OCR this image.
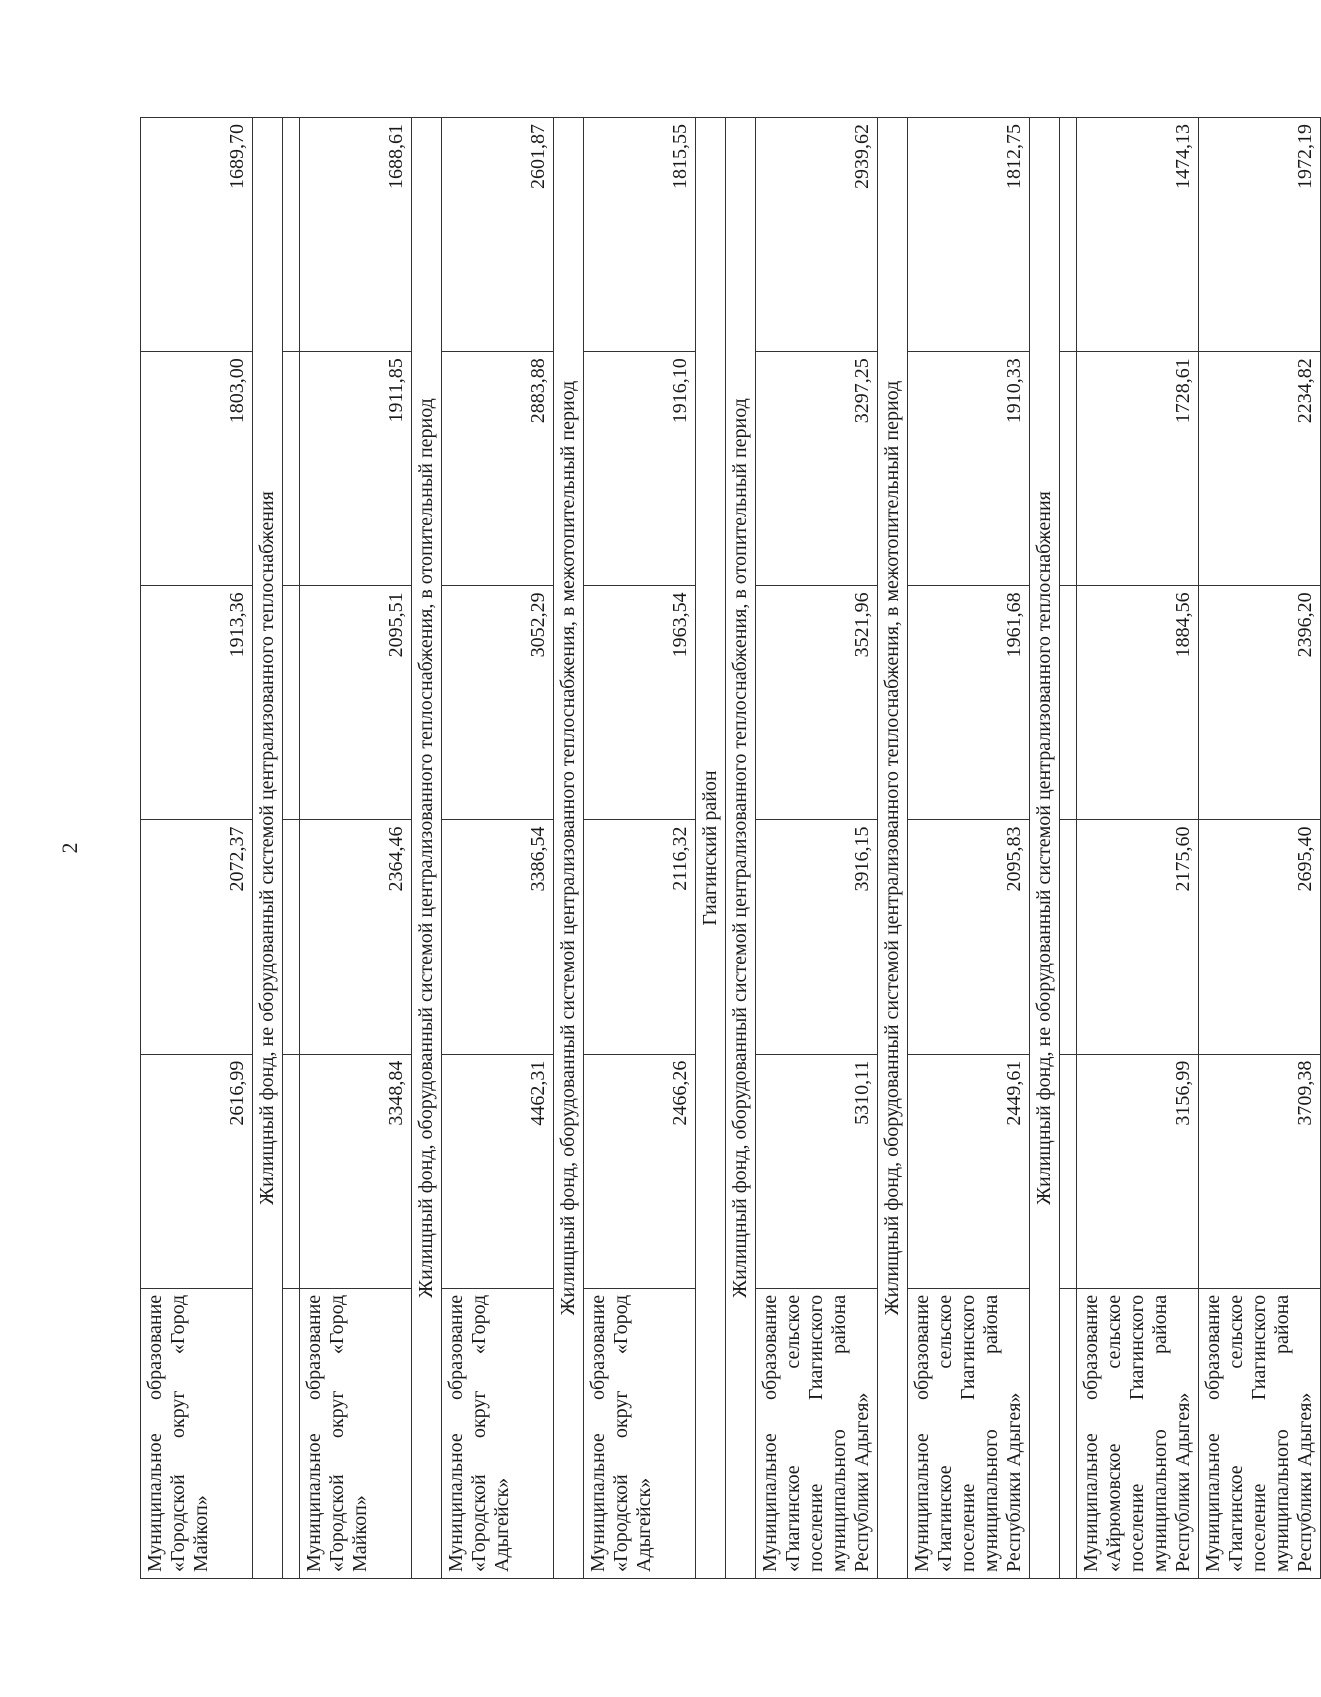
2
Муниципальное образование «Городской округ «Город Майкоп»	2616,99	2072,37	1913,36	1803,00	1689,70
Жилищный фонд, не оборудованный системой централизованного теплоснабжения					

Муниципальное образование «Городской округ «Город Майкоп»	3348,84	2364,46	2095,51	1911,85	1688,61
Жилищный фонд, оборудованный системой централизованного теплоснабжения, в отопительный период					
Муниципальное образование «Городской округ «Город Адыгейск»	4462,31	3386,54	3052,29	2883,88	2601,87
Жилищный фонд, оборудованный системой централизованного теплоснабжения, в межотопительный период					
Муниципальное образование «Городской округ «Город Адыгейск»	2466,26	2116,32	1963,54	1916,10	1815,55
Гиагинский район					
Жилищный фонд, оборудованный системой централизованного теплоснабжения, в отопительный период					
Муниципальное образование «Гиагинское сельское поселение Гиагинского муниципального района Республики Адыгея»	5310,11	3916,15	3521,96	3297,25	2939,62
Жилищный фонд, оборудованный системой централизованного теплоснабжения, в межотопительный период					
Муниципальное образование «Гиагинское сельское поселение Гиагинского муниципального района Республики Адыгея»	2449,61	2095,83	1961,68	1910,33	1812,75
Жилищный фонд, не оборудованный системой централизованного теплоснабжения					

Муниципальное образование «Айрюмовское сельское поселение Гиагинского муниципального района Республики Адыгея»	3156,99	2175,60	1884,56	1728,61	1474,13
Муниципальное образование «Гиагинское сельское поселение Гиагинского муниципального района Республики Адыгея»	3709,38	2695,40	2396,20	2234,82	1972,19
